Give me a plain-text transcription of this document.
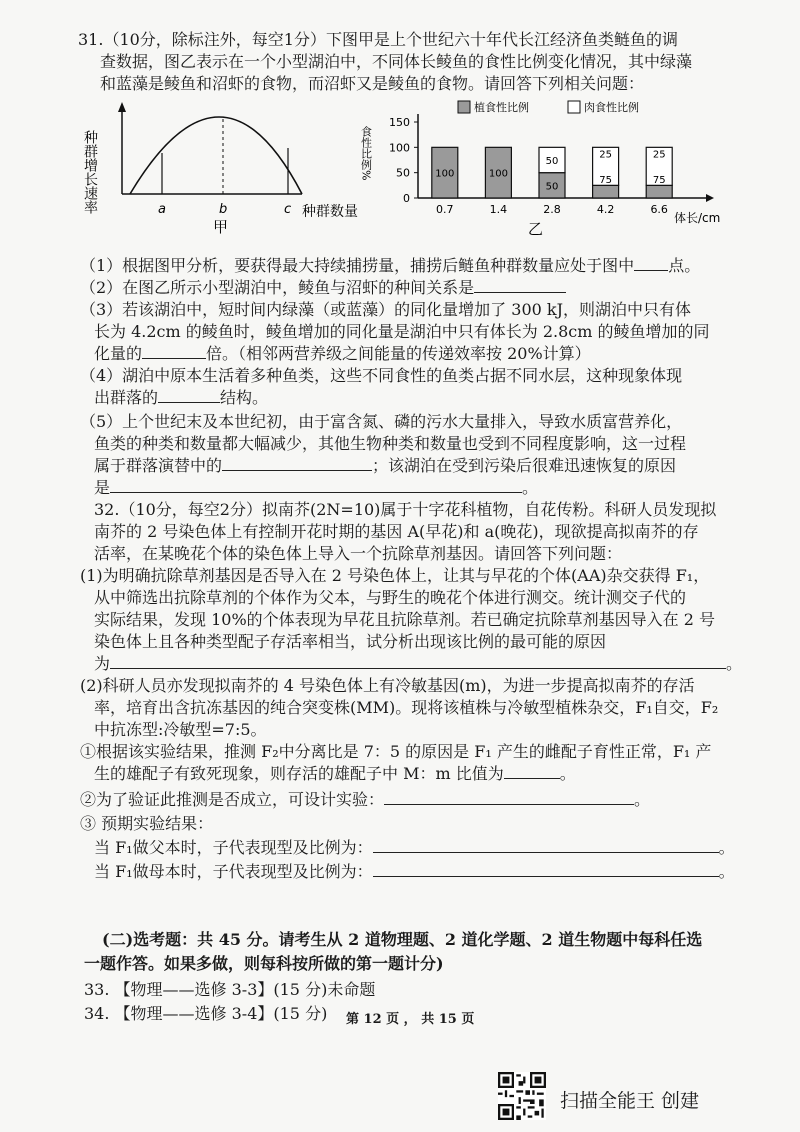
31.（10分，除标注外，每空1分）下图甲是上个世纪六十年代长江经济鱼类鲢鱼的调
查数据，图乙表示在一个小型湖泊中，不同体长鲮鱼的食性比例变化情况，其中绿藻
和蓝藻是鲮鱼和沼虾的食物，而沼虾又是鲮鱼的食物。请回答下列相关问题：
种群增长速率	a	b	c 种群数量
甲
植食性比例	肉食性比例
食性比例%
0
50
100
150
0.7	1.4	2.8	4.2	6.6
100	100
50
50
25
75
25
75
体长/cm
乙
（1）根据图甲分析，要获得最大持续捕捞量，捕捞后鲢鱼种群数量应处于图中 点。
（2）在图乙所示小型湖泊中，鲮鱼与沼虾的种间关系是
（3）若该湖泊中，短时间内绿藻（或蓝藻）的同化量增加了 300 kJ，则湖泊中只有体
长为 4.2cm 的鲮鱼时，鲮鱼增加的同化量是湖泊中只有体长为 2.8cm 的鲮鱼增加的同
化量的	倍。（相邻两营养级之间能量的传递效率按 20%计算）
（4）湖泊中原本生活着多种鱼类，这些不同食性的鱼类占据不同水层，这种现象体现
出群落的	结构。
（5）上个世纪末及本世纪初，由于富含氮、磷的污水大量排入，导致水质富营养化，
鱼类的种类和数量都大幅减少，其他生物种类和数量也受到不同程度影响，这一过程
属于群落演替中的	；该湖泊在受到污染后很难迅速恢复的原因
是	。
32.（10分，每空2分）拟南芥(2N=10)属于十字花科植物，自花传粉。科研人员发现拟
南芥的 2 号染色体上有控制开花时期的基因 A(早花)和 a(晚花)，现欲提高拟南芥的存
活率，在某晚花个体的染色体上导入一个抗除草剂基因。请回答下列问题：
(1)为明确抗除草剂基因是否导入在 2 号染色体上，让其与早花的个体(AA)杂交获得 F₁，
从中筛选出抗除草剂的个体作为父本，与野生的晚花个体进行测交。统计测交子代的
实际结果，发现 10%的个体表现为早花且抗除草剂。若已确定抗除草剂基因导入在 2 号
染色体上且各种类型配子存活率相当，试分析出现该比例的最可能的原因
为	。
(2)科研人员亦发现拟南芥的 4 号染色体上有冷敏基因(m)，为进一步提高拟南芥的存活
率，培育出含抗冻基因的纯合突变株(MM)。现将该植株与冷敏型植株杂交，F₁自交，F₂
中抗冻型:冷敏型=7:5。
①根据该实验结果，推测 F₂中分离比是 7：5 的原因是 F₁ 产生的雌配子育性正常，F₁ 产
生的雄配子有致死现象，则存活的雄配子中 M：m 比值为	。
②为了验证此推测是否成立，可设计实验：	。
③ 预期实验结果：
当 F₁做父本时，子代表现型及比例为：	。
当 F₁做母本时，子代表现型及比例为：	。
(二)选考题：共 45 分。请考生从 2 道物理题、2 道化学题、2 道生物题中每科任选
一题作答。如果多做，则每科按所做的第一题计分)
33. 【物理——选修 3-3】(15 分)未命题
34. 【物理——选修 3-4】(15 分) 第 12 页 ， 共 15 页
扫描全能王 创建
